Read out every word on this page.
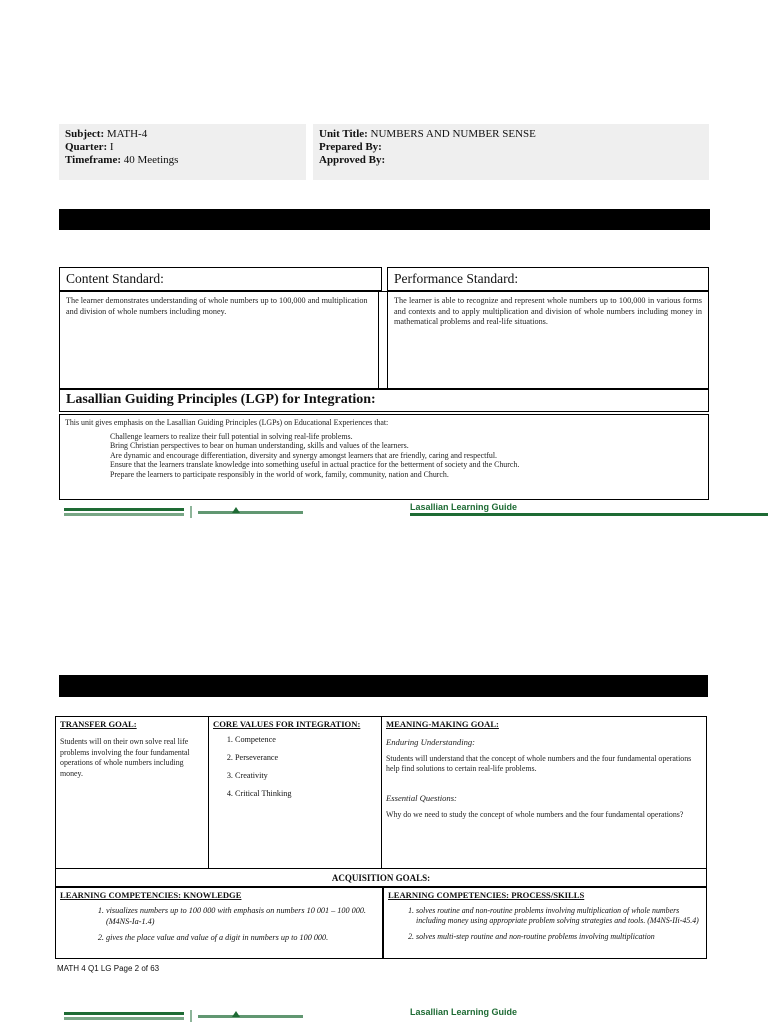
Subject: MATH-4
Quarter: I
Timeframe: 40 Meetings
Unit Title: NUMBERS AND NUMBER SENSE
Prepared By:
Approved By:
Content Standard:	Performance Standard:
The learner demonstrates understanding of whole numbers up to 100,000 and multiplication and division of whole numbers including money.
The learner is able to recognize and represent whole numbers up to 100,000 in various forms and contexts and to apply multiplication and division of whole numbers including money in mathematical problems and real-life situations.
Lasallian Guiding Principles (LGP) for Integration:
This unit gives emphasis on the Lasallian Guiding Principles (LGPs) on Educational Experiences that:
Challenge learners to realize their full potential in solving real-life problems.
Bring Christian perspectives to bear on human understanding, skills and values of the learners.
Are dynamic and encourage differentiation, diversity and synergy amongst learners that are friendly, caring and respectful.
Ensure that the learners translate knowledge into something useful in actual practice for the betterment of society and the Church.
Prepare the learners to participate responsibly in the world of work, family, community, nation and Church.
Lasallian Learning Guide
TRANSFER GOAL:
Students will on their own solve real life problems involving the four fundamental operations of whole numbers including money.

CORE VALUES FOR INTEGRATION:
1. Competence
2. Perseverance
3. Creativity
4. Critical Thinking

MEANING-MAKING GOAL:
Enduring Understanding:
Students will understand that the concept of whole numbers and the four fundamental operations help find solutions to certain real-life problems.
Essential Questions:
Why do we need to study the concept of whole numbers and the four fundamental operations?

ACQUISITION GOALS:
LEARNING COMPETENCIES: KNOWLEDGE
1. visualizes numbers up to 100 000 with emphasis on numbers 10 001 – 100 000. (M4NS-Ia-1.4)
2. gives the place value and value of a digit in numbers up to 100 000.
LEARNING COMPETENCIES: PROCESS/SKILLS
1. solves routine and non-routine problems involving multiplication of whole numbers including money using appropriate problem solving strategies and tools. (M4NS-IIi-45.4)
2. solves multi-step routine and non-routine problems involving multiplication
MATH 4 Q1 LG Page 2 of 63
Lasallian Learning Guide
